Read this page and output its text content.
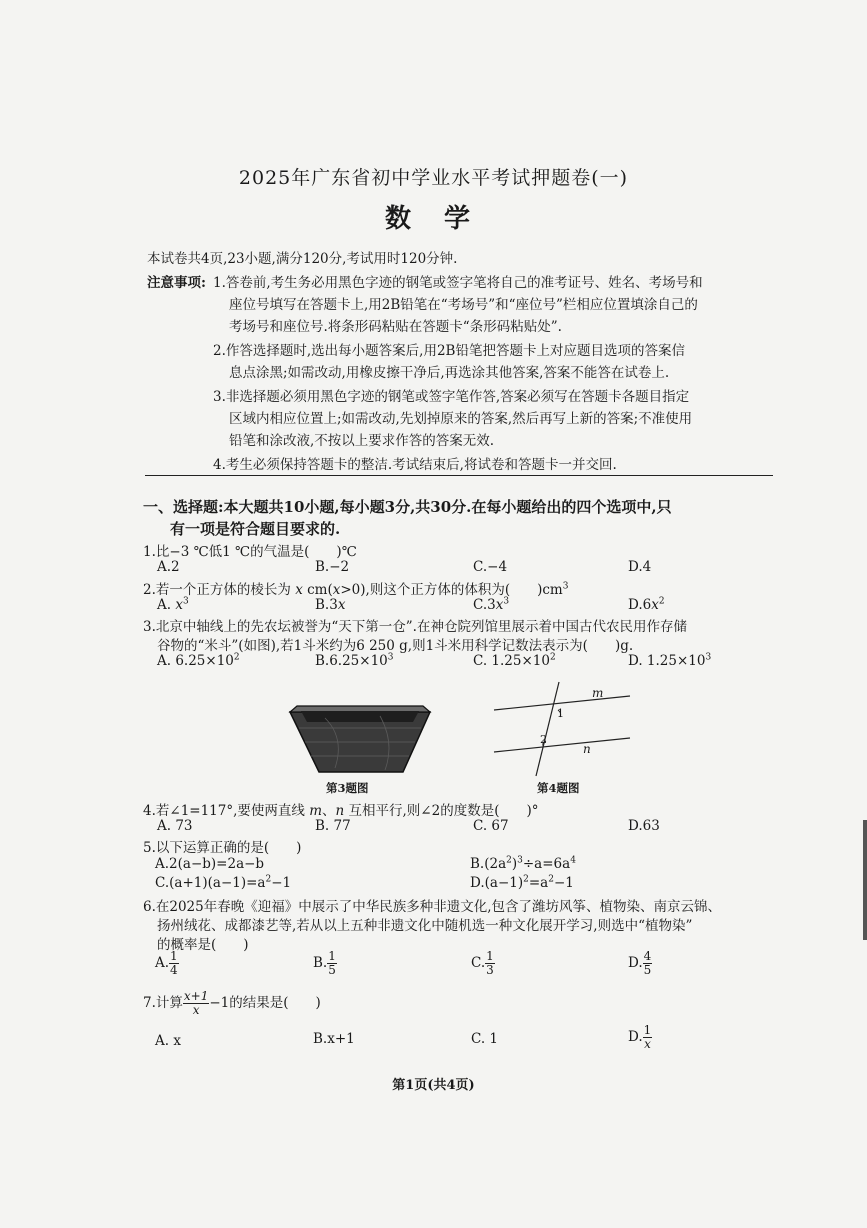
2025年广东省初中学业水平考试押题卷(一)
数 学
本试卷共4页,23小题,满分120分,考试用时120分钟.
注意事项: 1.答卷前,考生务必用黑色字迹的钢笔或签字笔将自己的准考证号、姓名、考场号和
座位号填写在答题卡上,用2B铅笔在“考场号”和“座位号”栏相应位置填涂自己的
考场号和座位号.将条形码粘贴在答题卡“条形码粘贴处”.
2.作答选择题时,选出每小题答案后,用2B铅笔把答题卡上对应题目选项的答案信
息点涂黑;如需改动,用橡皮擦干净后,再选涂其他答案,答案不能答在试卷上.
3.非选择题必须用黑色字迹的钢笔或签字笔作答,答案必须写在答题卡各题目指定
区域内相应位置上;如需改动,先划掉原来的答案,然后再写上新的答案;不准使用
铅笔和涂改液,不按以上要求作答的答案无效.
4.考生必须保持答题卡的整洁.考试结束后,将试卷和答题卡一并交回.
一、选择题:本大题共10小题,每小题3分,共30分.在每小题给出的四个选项中,只
有一项是符合题目要求的.
1.比−3 ℃低1 ℃的气温是(　　)℃
A.2	B.−2	C.−4	D.4
2.若一个正方体的棱长为 x cm(x>0),则这个正方体的体积为(　　)$cm^3$
A. $x^3$	B.3x	$C.3x^3$	$D.6x^2$
3.北京中轴线上的先农坛被誉为“天下第一仓”.在神仓院列馆里展示着中国古代农民用作存储
谷物的“米斗”(如图),若1斗米约为6 250 g,则1斗米用科学记数法表示为(　　)g.
A. $6.25\times 10^2$	$B.6.25\times 10^3$	C. $1.25\times 10^2$	D. $1.25\times 10^3$
第3题图
m
n
1
2
第4题图
4.若∠1=117°,要使两直线 m、n 互相平行,则∠2的度数是(　　)°
A. 73	B. 77	C. 67	D.63
5.以下运算正确的是(　　)
A.2(a−b)=2a−b	$B.(2a^2)^3\div a=6a^4$
$C.(a+1)(a-1)=a^2-1$	$D.(a-1)^2=a^2-1$
6.在2025年春晚《迎福》中展示了中华民族多种非遗文化,包含了潍坊风筝、植物染、南京云锦、
扬州绒花、成都漆艺等,若从以上五种非遗文化中随机选一种文化展开学习,则选中“植物染”
的概率是(　　)
A. $\frac{1}{4}$	B. $\frac{1}{5}$	C. $\frac{1}{3}$	D. $\frac{4}{5}$
7.计算 $\frac{x+1}{x} -1$的结果是(　　)
A. x	B.x+1	C. 1	D. $\frac{1}{x}$
第1页(共4页)
